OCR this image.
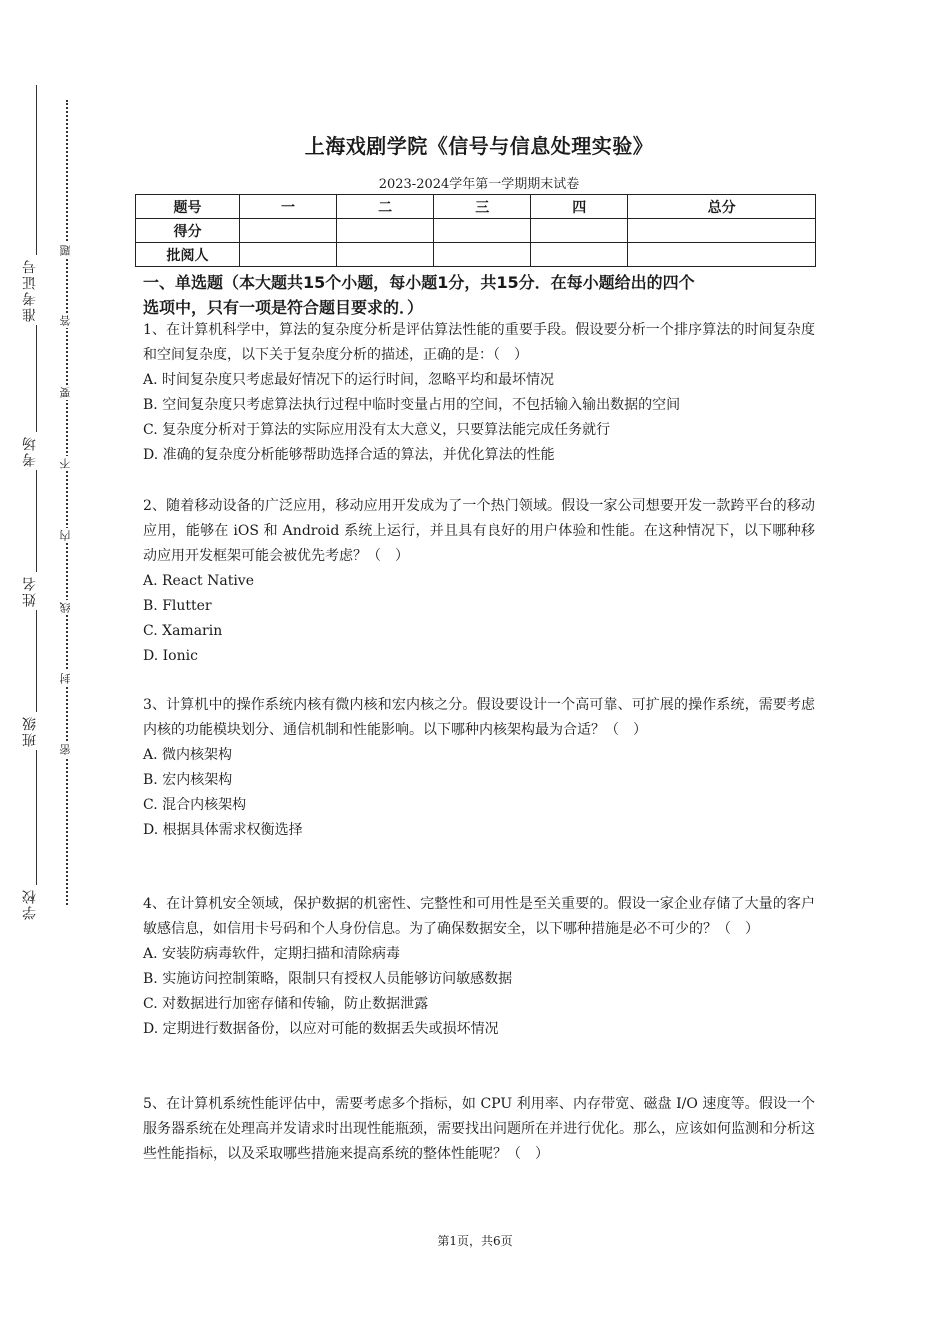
准考证号
考场
姓名
班级
学校
题
答
要
不
内
线
封
密
上海戏剧学院《信号与信息处理实验》
2023-2024学年第一学期期末试卷
题号	一	二	三	四	总分
得分					
批阅人					
一、单选题（本大题共15个小题，每小题1分，共15分．在每小题给出的四个
选项中，只有一项是符合题目要求的．）

1、在计算机科学中，算法的复杂度分析是评估算法性能的重要手段。假设要分析一个排序算法的时间复杂度和空间复杂度，以下关于复杂度分析的描述，正确的是：（　）

A. 时间复杂度只考虑最好情况下的运行时间，忽略平均和最坏情况

B. 空间复杂度只考虑算法执行过程中临时变量占用的空间，不包括输入输出数据的空间

C. 复杂度分析对于算法的实际应用没有太大意义，只要算法能完成任务就行

D. 准确的复杂度分析能够帮助选择合适的算法，并优化算法的性能

2、随着移动设备的广泛应用，移动应用开发成为了一个热门领域。假设一家公司想要开发一款跨平台的移动应用，能够在 iOS 和 Android 系统上运行，并且具有良好的用户体验和性能。在这种情况下，以下哪种移动应用开发框架可能会被优先考虑？（　）

A. React Native

B. Flutter

C. Xamarin

D. Ionic

3、计算机中的操作系统内核有微内核和宏内核之分。假设要设计一个高可靠、可扩展的操作系统，需要考虑内核的功能模块划分、通信机制和性能影响。以下哪种内核架构最为合适？（　）

A. 微内核架构

B. 宏内核架构

C. 混合内核架构

D. 根据具体需求权衡选择

4、在计算机安全领域，保护数据的机密性、完整性和可用性是至关重要的。假设一家企业存储了大量的客户敏感信息，如信用卡号码和个人身份信息。为了确保数据安全，以下哪种措施是必不可少的？（　）

A. 安装防病毒软件，定期扫描和清除病毒

B. 实施访问控制策略，限制只有授权人员能够访问敏感数据

C. 对数据进行加密存储和传输，防止数据泄露

D. 定期进行数据备份，以应对可能的数据丢失或损坏情况

5、在计算机系统性能评估中，需要考虑多个指标，如 CPU 利用率、内存带宽、磁盘 I/O 速度等。假设一个服务器系统在处理高并发请求时出现性能瓶颈，需要找出问题所在并进行优化。那么，应该如何监测和分析这些性能指标，以及采取哪些措施来提高系统的整体性能呢？（　）

第1页，共6页
